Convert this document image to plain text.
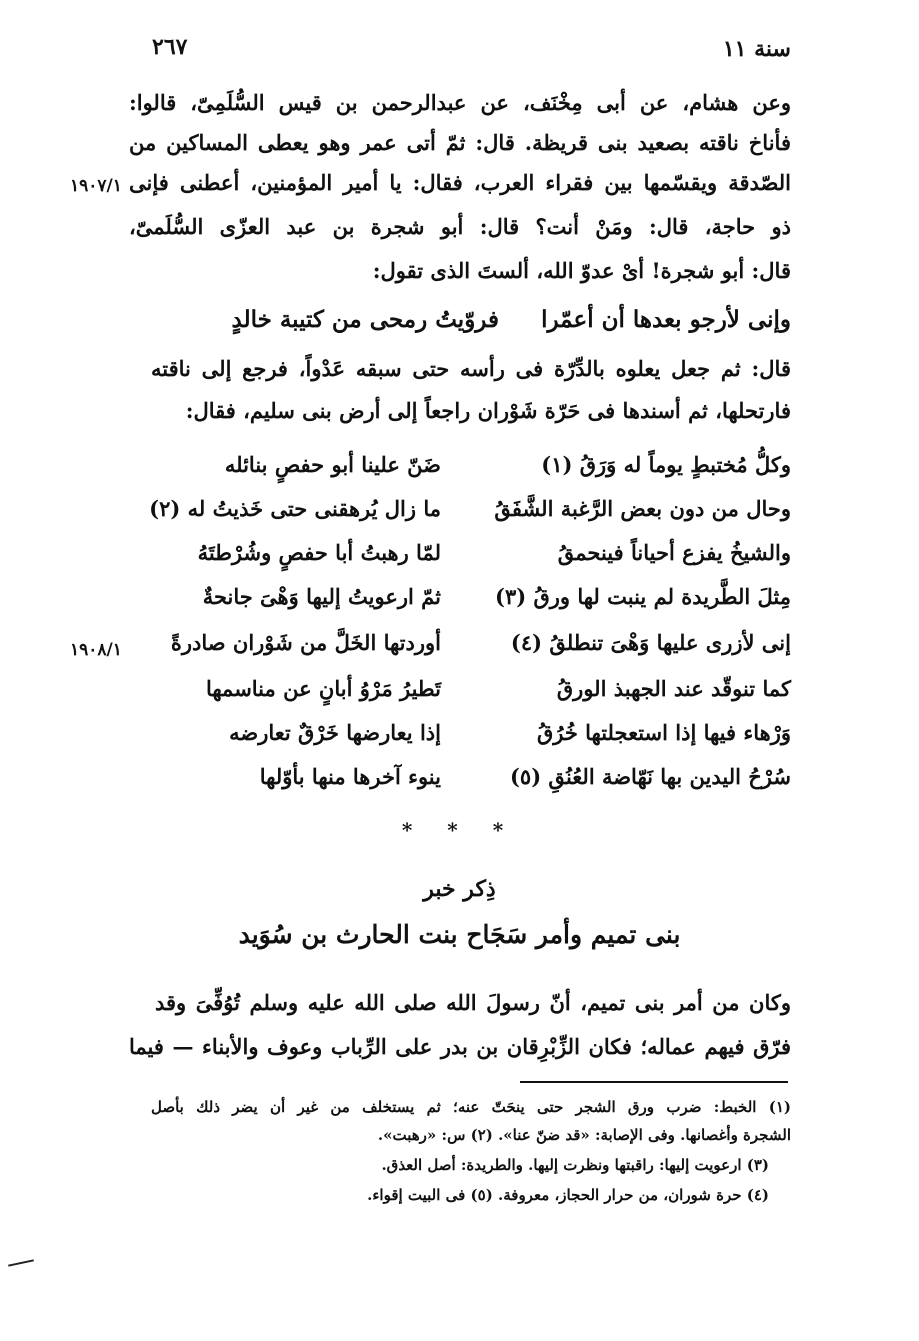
٢٦٧	سنة ١١
وعن هشام، عن أبى مِخْنَف، عن عبدالرحمن بن قيس السُّلَمِىّ، قالوا:
فأناخ ناقته بصعيد بنى قريظة. قال: ثمّ أتى عمر وهو يعطى المساكين من
الصّدقة ويقسّمها بين فقراء العرب، فقال: يا أمير المؤمنين، أعطنى فإنى
ذو حاجة، قال: ومَنْ أنت؟ قال: أبو شجرة بن عبد العزّى السُّلَمىّ،
قال: أبو شجرة! أىْ عدوّ الله، ألستَ الذى تقول:
١٩٠٧/١
وإنى لأرجو بعدها أن أعمّرا
فروّيتُ رمحى من كتيبة خالدٍ
قال: ثم جعل يعلوه بالدِّرّة فى رأسه حتى سبقه عَدْواً، فرجع إلى ناقته
فارتحلها، ثم أسندها فى حَرّة شَوْران راجعاً إلى أرض بنى سليم، فقال:
ضَنّ علينا أبو حفصٍ بنائله	وكلُّ مُختبطٍ يوماً له وَرَقُ (١)
ما زال يُرهقنى حتى خَذيتُ له (٢)	وحال من دون بعض الرَّغبة الشَّفَقُ
لمّا رهبتُ أبا حفصٍ وشُرْطتَهُ	والشيخُ يفزع أحياناً فينحمقُ
ثمّ ارعويتُ إليها وَهْىَ جانحةٌ	مِثلَ الطَّريدة لم ينبت لها ورقُ (٣)
أوردتها الخَلَّ من شَوْران صادرةً	إنى لأزرى عليها وَهْىَ تنطلقُ (٤)
١٩٠٨/١
تَطيرُ مَرْوُ أبانٍ عن مناسمها	كما تنوقّد عند الجهبذ الورقُ
إذا يعارضها خَرْقٌ تعارضه	وَرْهاء فيها إذا استعجلتها خُرُقُ
ينوء آخرها منها بأوّلها	سُرْحُ اليدين بها نَهّاضة العُنُقِ (٥)
* * *
ذِكر خبر
بنى تميم وأمر سَجَاح بنت الحارث بن سُوَيد
وكان من أمر بنى تميم، أنّ رسولَ الله صلى الله عليه وسلم تُوُفِّىَ وقد
فرّق فيهم عماله؛ فكان الزِّبْرِقان بن بدر على الرِّباب وعوف والأبناء — فيما
(١) الخبط: ضرب ورق الشجر حتى ينحَتّ عنه؛ ثم يستخلف من غير أن يضر ذلك بأصل
الشجرة وأغصانها. وفى الإصابة: «قد ضنّ عنا». (٢) س: «رهبت».
(٣) ارعويت إليها: راقبتها ونظرت إليها. والطريدة: أصل العذق.
(٤) حرة شوران، من حرار الحجاز، معروفة. (٥) فى البيت إقواء.
